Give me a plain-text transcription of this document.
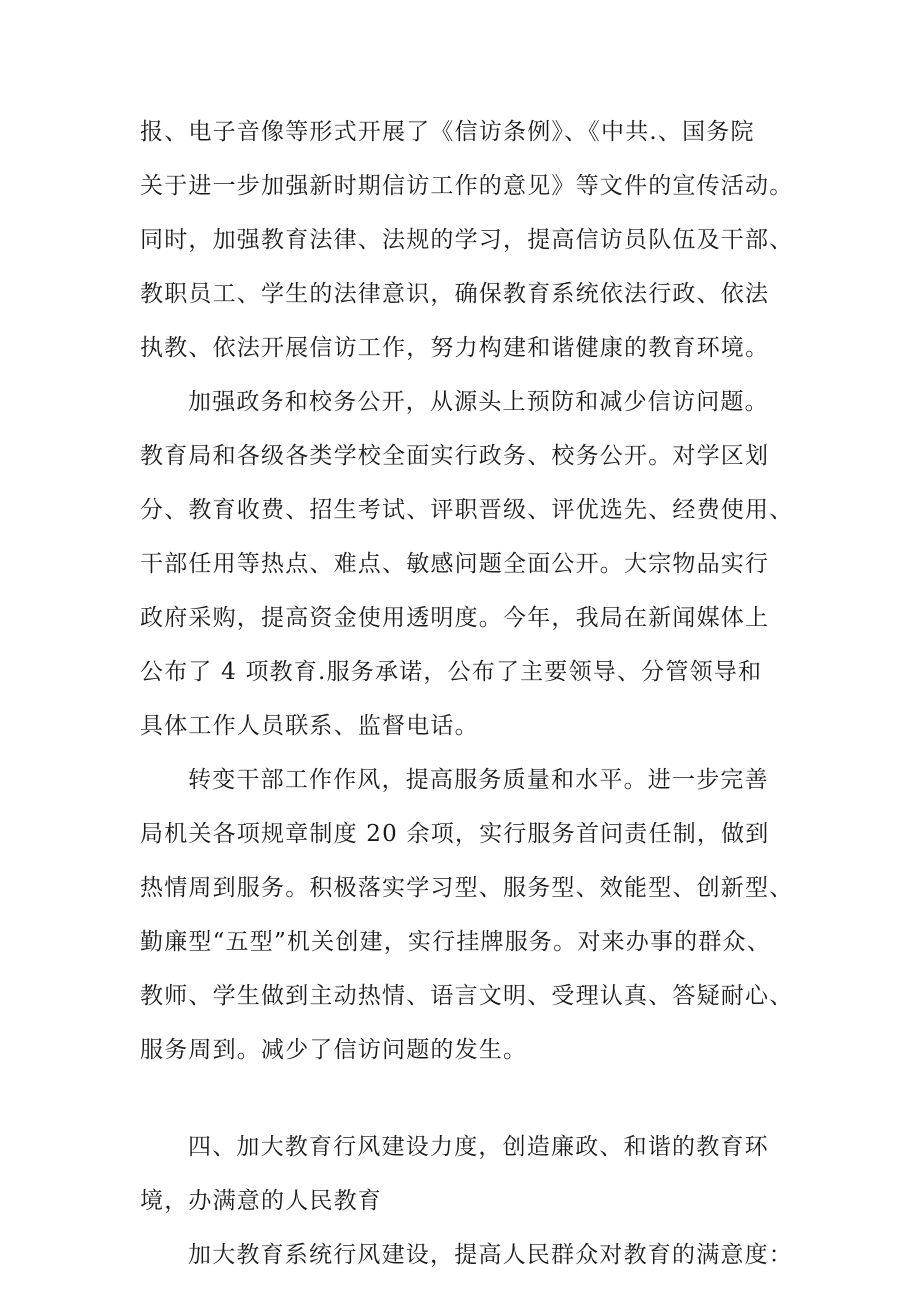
报、电子音像等形式开展了《信访条例》、《中共.、国务院
关于进一步加强新时期信访工作的意见》等文件的宣传活动。
同时，加强教育法律、法规的学习，提高信访员队伍及干部、
教职员工、学生的法律意识，确保教育系统依法行政、依法
执教、依法开展信访工作，努力构建和谐健康的教育环境。
加强政务和校务公开，从源头上预防和减少信访问题。
教育局和各级各类学校全面实行政务、校务公开。对学区划
分、教育收费、招生考试、评职晋级、评优选先、经费使用、
干部任用等热点、难点、敏感问题全面公开。大宗物品实行
政府采购，提高资金使用透明度。今年，我局在新闻媒体上
公布了 4 项教育.服务承诺，公布了主要领导、分管领导和
具体工作人员联系、监督电话。
转变干部工作作风，提高服务质量和水平。进一步完善
局机关各项规章制度 20 余项，实行服务首问责任制，做到
热情周到服务。积极落实学习型、服务型、效能型、创新型、
勤廉型“五型”机关创建，实行挂牌服务。对来办事的群众、
教师、学生做到主动热情、语言文明、受理认真、答疑耐心、
服务周到。减少了信访问题的发生。
四、加大教育行风建设力度，创造廉政、和谐的教育环
境，办满意的人民教育
加大教育系统行风建设，提高人民群众对教育的满意度：
